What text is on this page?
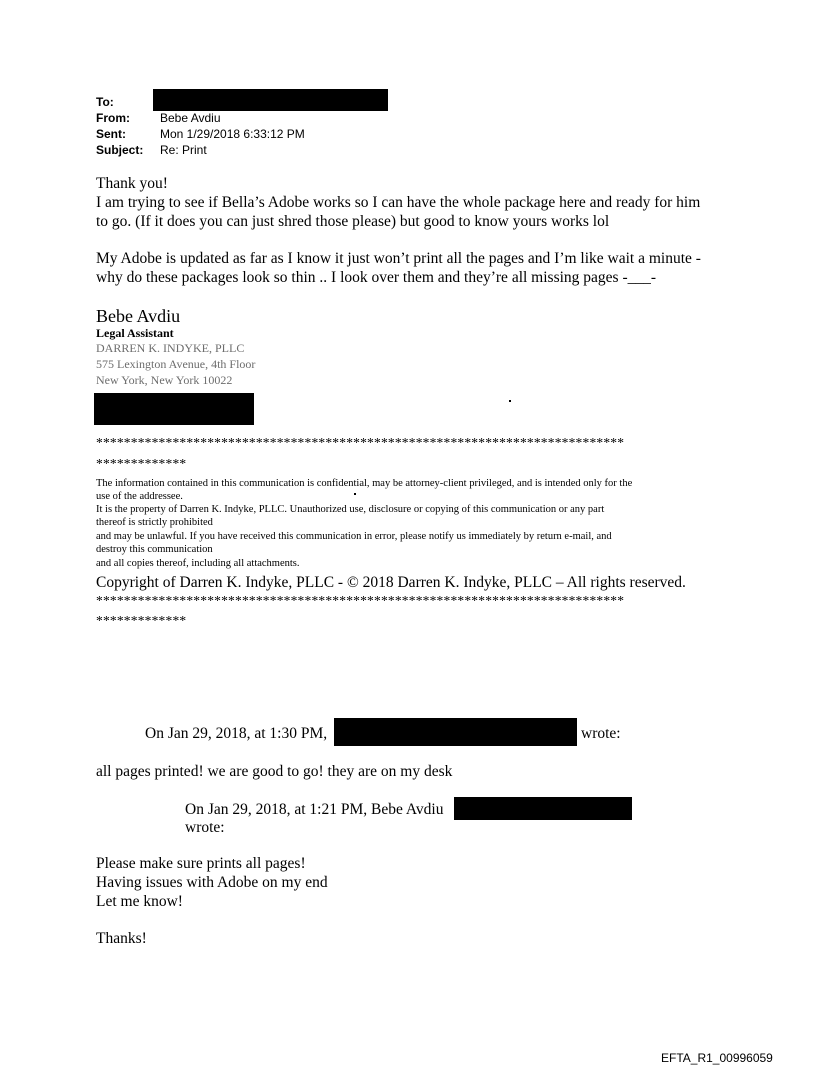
To:
From:	Bebe Avdiu
Sent:	Mon 1/29/2018 6:33:12 PM
Subject: Re: Print
Thank you!
I am trying to see if Bella’s Adobe works so I can have the whole package here and ready for him
to go. (If it does you can just shred those please) but good to know yours works lol
My Adobe is updated as far as I know it just won’t print all the pages and I’m like wait a minute -
why do these packages look so thin .. I look over them and they’re all missing pages -___-
Bebe Avdiu
Legal Assistant
DARREN K. INDYKE, PLLC
575 Lexington Avenue, 4th Floor
New York, New York 10022
****************************************************************************
*************
The information contained in this communication is confidential, may be attorney-client privileged, and is intended only for the
use of the addressee.
It is the property of Darren K. Indyke, PLLC. Unauthorized use, disclosure or copying of this communication or any part
thereof is strictly prohibited
and may be unlawful. If you have received this communication in error, please notify us immediately by return e-mail, and
destroy this communication
and all copies thereof, including all attachments.
Copyright of Darren K. Indyke, PLLC - © 2018 Darren K. Indyke, PLLC – All rights reserved.
****************************************************************************
*************
On Jan 29, 2018, at 1:30 PM,	wrote:
all pages printed! we are good to go! they are on my desk
On Jan 29, 2018, at 1:21 PM, Bebe Avdiu
wrote:
Please make sure prints all pages!
Having issues with Adobe on my end
Let me know!
Thanks!
EFTA_R1_00996059
